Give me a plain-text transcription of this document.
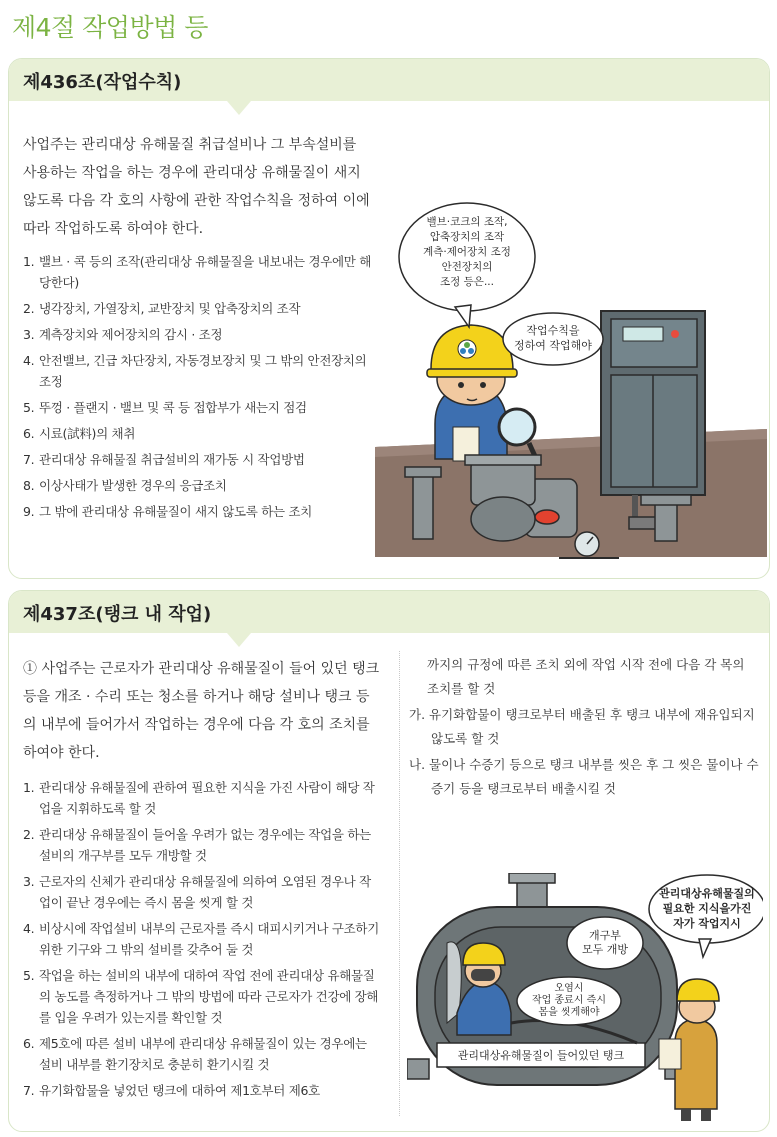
제4절 작업방법 등
제436조(작업수칙)

사업주는 관리대상 유해물질 취급설비나 그 부속설비를 사용하는 작업을 하는 경우에 관리대상 유해물질이 새지 않도록 다음 각 호의 사항에 관한 작업수칙을 정하여 이에 따라 작업하도록 하여야 한다.

1. 밸브 · 콕 등의 조작(관리대상 유해물질을 내보내는 경우에만 해당한다)
2. 냉각장치, 가열장치, 교반장치 및 압축장치의 조작
3. 계측장치와 제어장치의 감시 · 조정
4. 안전밸브, 긴급 차단장치, 자동경보장치 및 그 밖의 안전장치의 조정
5. 뚜껑 · 플랜지 · 밸브 및 콕 등 접합부가 새는지 점검
6. 시료(試料)의 채취
7. 관리대상 유해물질 취급설비의 재가동 시 작업방법
8. 이상사태가 발생한 경우의 응급조치
9. 그 밖에 관리대상 유해물질이 새지 않도록 하는 조치
밸브·코크의 조작, 압축장치의 조작 계측·제어장치 조정 안전장치의 조정 등은...
작업수칙을 정하여 작업해야
제437조(탱크 내 작업)

① 사업주는 근로자가 관리대상 유해물질이 들어 있던 탱크 등을 개조 · 수리 또는 청소를 하거나 해당 설비나 탱크 등의 내부에 들어가서 작업하는 경우에 다음 각 호의 조치를 하여야 한다.

1. 관리대상 유해물질에 관하여 필요한 지식을 가진 사람이 해당 작업을 지휘하도록 할 것
2. 관리대상 유해물질이 들어올 우려가 없는 경우에는 작업을 하는 설비의 개구부를 모두 개방할 것
3. 근로자의 신체가 관리대상 유해물질에 의하여 오염된 경우나 작업이 끝난 경우에는 즉시 몸을 씻게 할 것
4. 비상시에 작업설비 내부의 근로자를 즉시 대피시키거나 구조하기 위한 기구와 그 밖의 설비를 갖추어 둘 것
5. 작업을 하는 설비의 내부에 대하여 작업 전에 관리대상 유해물질의 농도를 측정하거나 그 밖의 방법에 따라 근로자가 건강에 장해를 입을 우려가 있는지를 확인할 것
6. 제5호에 따른 설비 내부에 관리대상 유해물질이 있는 경우에는 설비 내부를 환기장치로 충분히 환기시킬 것
7. 유기화합물을 넣었던 탱크에 대하여 제1호부터 제6호

까지의 규정에 따른 조치 외에 작업 시작 전에 다음 각 목의 조치를 할 것

가. 유기화합물이 탱크로부터 배출된 후 탱크 내부에 재유입되지 않도록 할 것

나. 물이나 수증기 등으로 탱크 내부를 씻은 후 그 씻은 물이나 수증기 등을 탱크로부터 배출시킬 것

관리대상유해물질이 들어있던 탱크
개구부 모두 개방
관리대상유해물질의 필요한 지식을가진 자가 작업지시
오염시 작업 종료시 즉시 몸을 씻게해야
